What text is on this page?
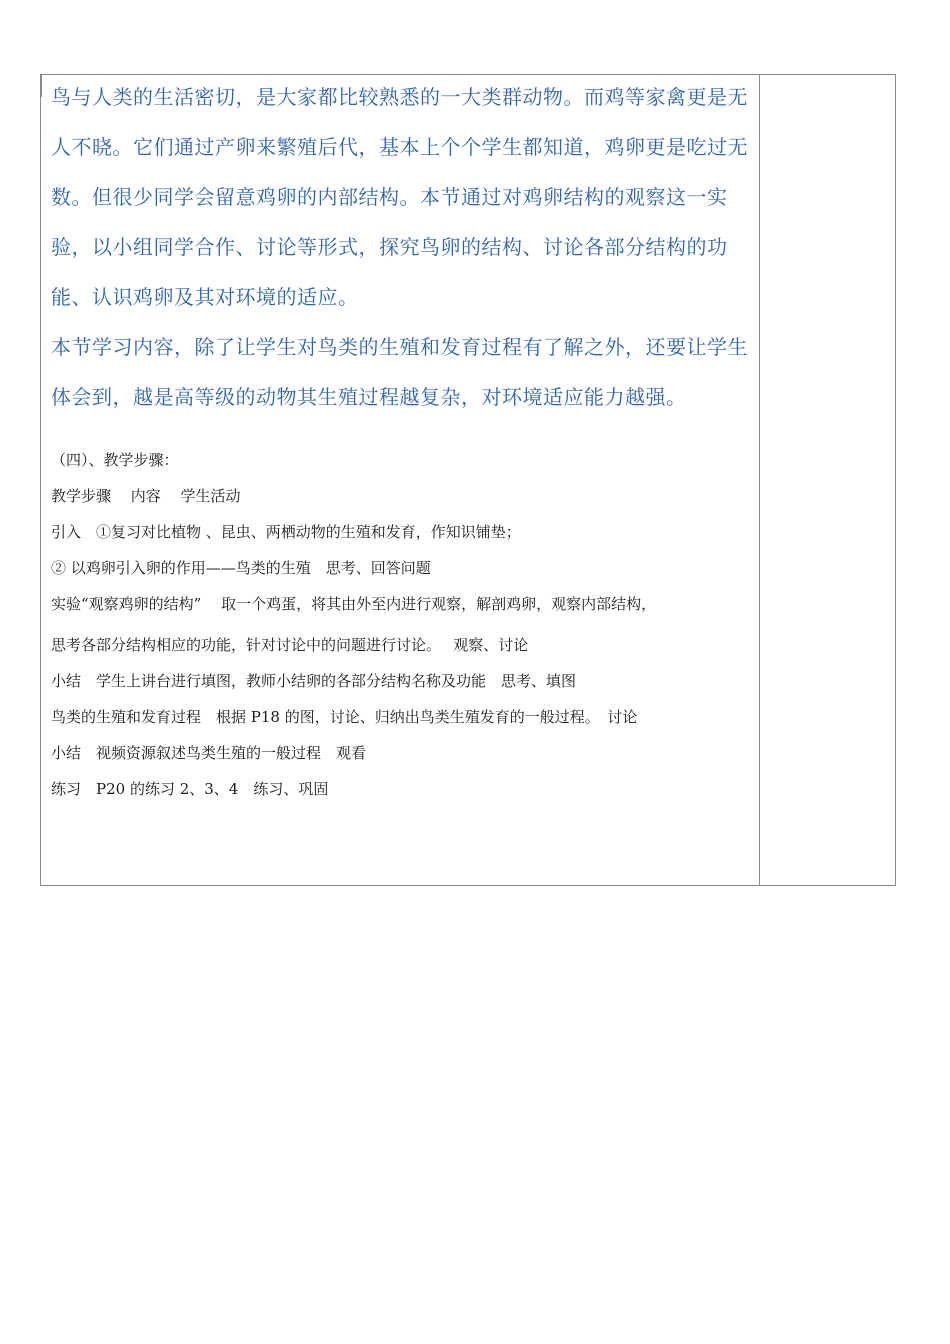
鸟与人类的生活密切，是大家都比较熟悉的一大类群动物。而鸡等家禽更是无人不晓。它们通过产卵来繁殖后代，基本上个个学生都知道，鸡卵更是吃过无数。但很少同学会留意鸡卵的内部结构。本节通过对鸡卵结构的观察这一实验，以小组同学合作、讨论等形式，探究鸟卵的结构、讨论各部分结构的功能、认识鸡卵及其对环境的适应。

本节学习内容，除了让学生对鸟类的生殖和发育过程有了解之外，还要让学生体会到，越是高等级的动物其生殖过程越复杂，对环境适应能力越强。

（四）、教学步骤：

教学步骤　 内容　 学生活动

引入　①复习对比植物 、昆虫、两栖动物的生殖和发育，作知识铺垫；

② 以鸡卵引入卵的作用——鸟类的生殖　思考、回答问题

实验“观察鸡卵的结构”　 取一个鸡蛋，将其由外至内进行观察，解剖鸡卵，观察内部结构，

思考各部分结构相应的功能，针对讨论中的问题进行讨论。　 观察、讨论

小结　学生上讲台进行填图，教师小结卵的各部分结构名称及功能　思考、填图

鸟类的生殖和发育过程　根据 P18 的图，讨论、归纳出鸟类生殖发育的一般过程。　讨论

小结　视频资源叙述鸟类生殖的一般过程　观看

练习　P20 的练习 2、3、4　练习、巩固
